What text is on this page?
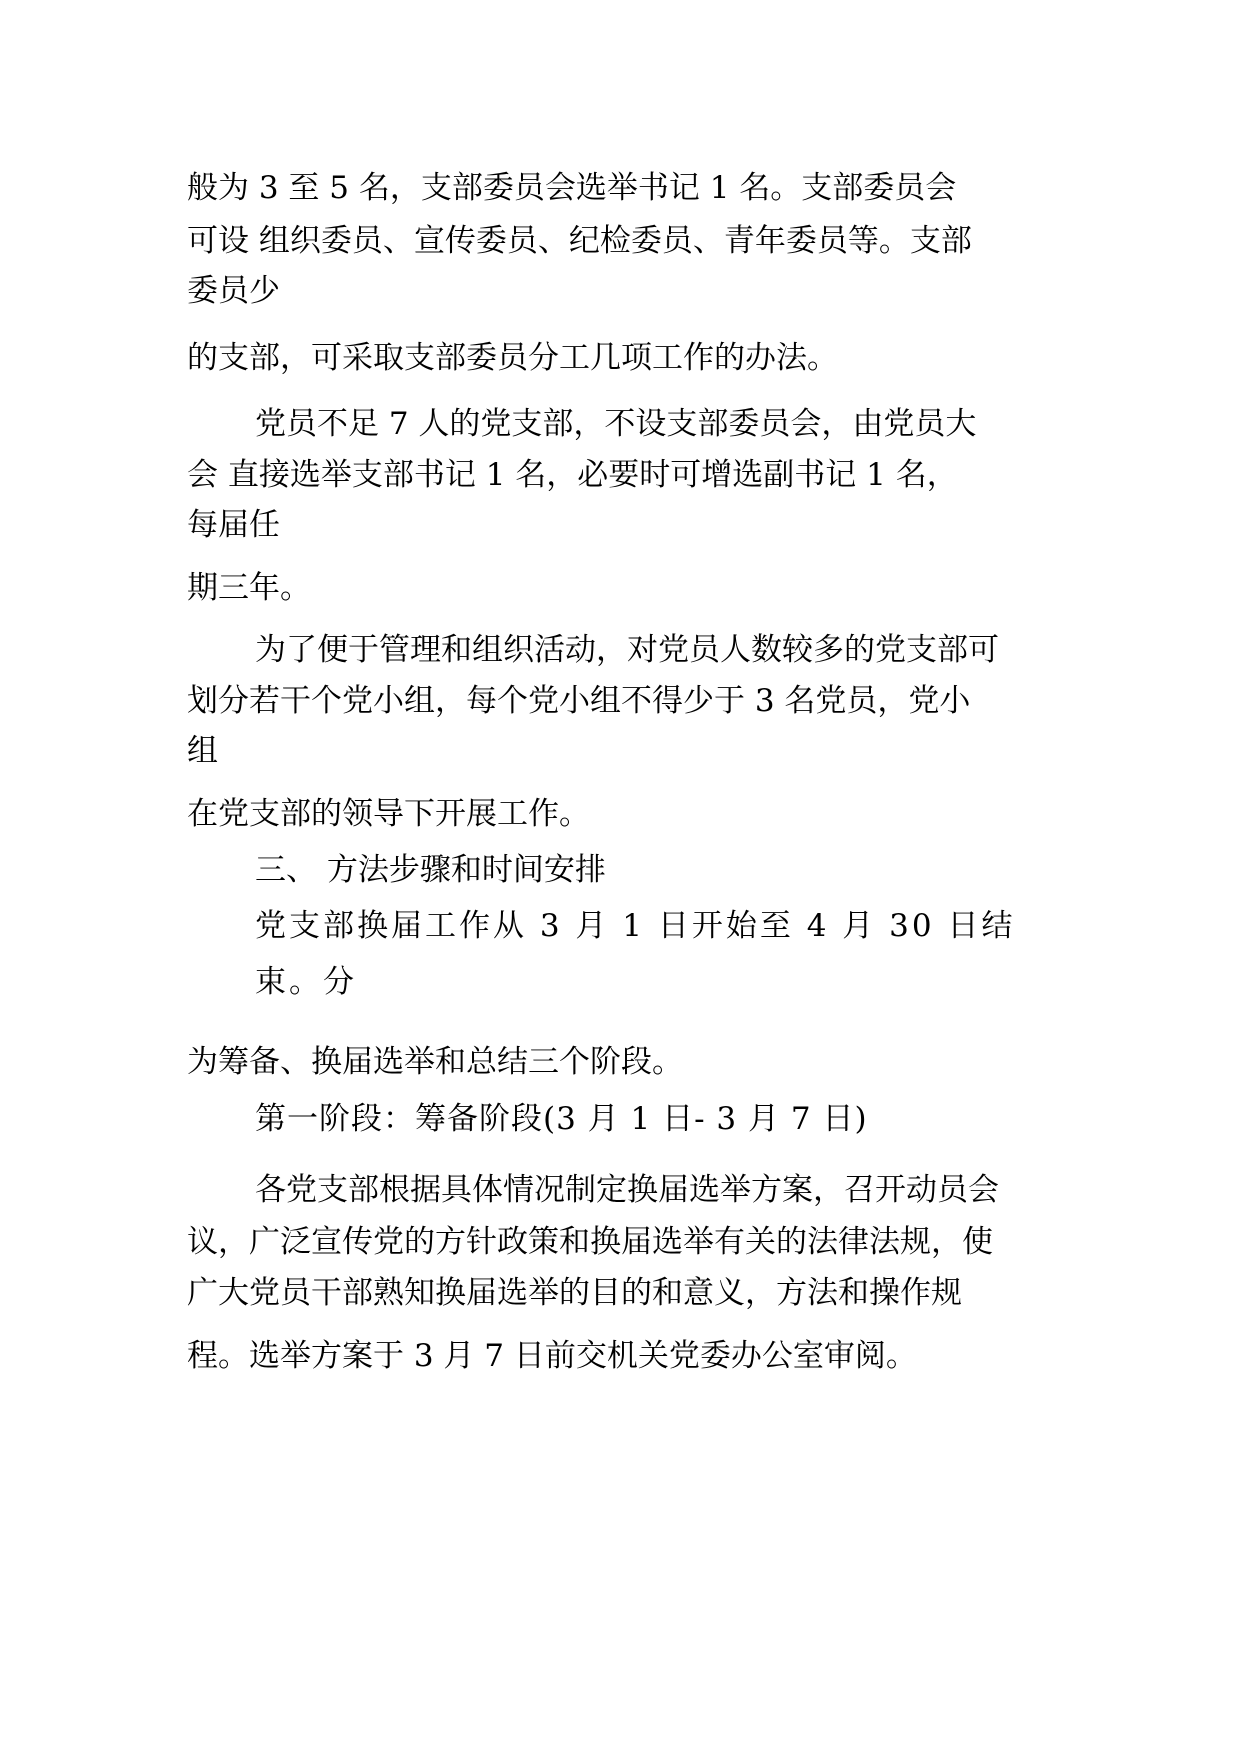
般为 3 至 5 名，支部委员会选举书记 1 名。支部委员会
可设 组织委员、宣传委员、纪检委员、青年委员等。支部
委员少
的支部，可采取支部委员分工几项工作的办法。
党员不足 7 人的党支部，不设支部委员会，由党员大
会 直接选举支部书记 1 名，必要时可增选副书记 1 名，
每届任
期三年。
为了便于管理和组织活动，对党员人数较多的党支部可
划分若干个党小组，每个党小组不得少于 3 名党员，党小
组
在党支部的领导下开展工作。
三、 方法步骤和时间安排
党支部换届工作从 3 月 1 日开始至 4 月 30 日结
束。分
为筹备、换届选举和总结三个阶段。
第一阶段：筹备阶段(3 月 1 日- 3 月 7 日)
各党支部根据具体情况制定换届选举方案，召开动员会
议，广泛宣传党的方针政策和换届选举有关的法律法规，使
广大党员干部熟知换届选举的目的和意义，方法和操作规
程。选举方案于 3 月 7 日前交机关党委办公室审阅。
